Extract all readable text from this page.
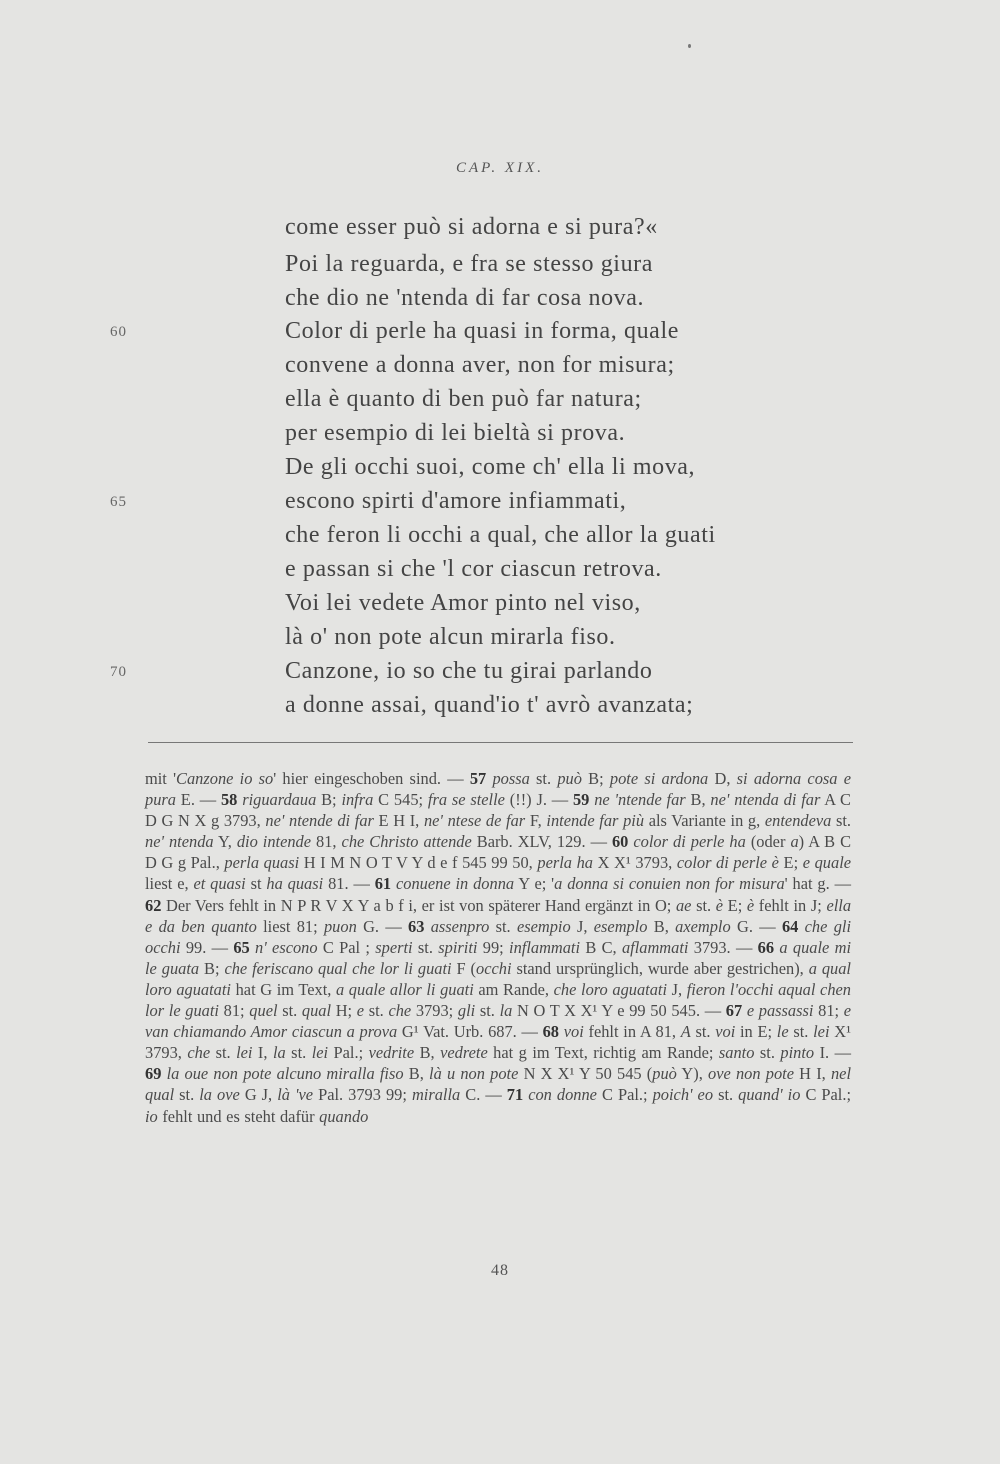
CAP. XIX.
come esser può si adorna e si pura?«
Poi la reguarda, e fra se stesso giura
che dio ne 'ntenda di far cosa nova.
Color di perle ha quasi in forma, quale
convene a donna aver, non for misura;
ella è quanto di ben può far natura;
per esempio di lei bieltà si prova.
De gli occhi suoi, come ch' ella li mova,
escono spirti d'amore infiammati,
che feron li occhi a qual, che allor la guati
e passan si che 'l cor ciascun retrova.
Voi lei vedete Amor pinto nel viso,
là o' non pote alcun mirarla fiso.
Canzone, io so che tu girai parlando
a donne assai, quand'io t' avrò avanzata;
60
65
70
mit 'Canzone io so' hier eingeschoben sind. — 57 possa st. può B; pote si ardona D, si adorna cosa e pura E. — 58 riguardaua B; infra C 545; fra se stelle (!!) J. — 59 ne 'ntende far B, ne' ntenda di far A C D G N X g 3793, ne' ntende di far E H I, ne' ntese de far F, intende far più als Variante in g, entendeva st. ne' ntenda Y, dio intende 81, che Christo attende Barb. XLV, 129. — 60 color di perle ha (oder a) A B C D G g Pal., perla quasi H I M N O T V Y d e f 545 99 50, perla ha X X¹ 3793, color di perle è E; e quale liest e, et quasi st ha quasi 81. — 61 conuene in donna Y e; 'a donna si conuien non for misura' hat g. — 62 Der Vers fehlt in N P R V X Y a b f i, er ist von späterer Hand ergänzt in O; ae st. è E; è fehlt in J; ella e da ben quanto liest 81; puon G. — 63 assenpro st. esempio J, esemplo B, axemplo G. — 64 che gli occhi 99. — 65 n' escono C Pal ; sperti st. spiriti 99; inflammati B C, aflammati 3793. — 66 a quale mi le guata B; che feriscano qual che lor li guati F (occhi stand ursprünglich, wurde aber gestrichen), a qual loro aguatati hat G im Text, a quale allor li guati am Rande, che loro aguatati J, fieron l'occhi aqual chen lor le guati 81; quel st. qual H; e st. che 3793; gli st. la N O T X X¹ Y e 99 50 545. — 67 e passassi 81; e van chiamando Amor ciascun a prova G¹ Vat. Urb. 687. — 68 voi fehlt in A 81, A st. voi in E; le st. lei X¹ 3793, che st. lei I, la st. lei Pal.; vedrite B, vedrete hat g im Text, richtig am Rande; santo st. pinto I. — 69 la oue non pote alcuno miralla fiso B, là u non pote N X X¹ Y 50 545 (può Y), ove non pote H I, nel qual st. la ove G J, là 've Pal. 3793 99; miralla C. — 71 con donne C Pal.; poich' eo st. quand' io C Pal.; io fehlt und es steht dafür quando
48
